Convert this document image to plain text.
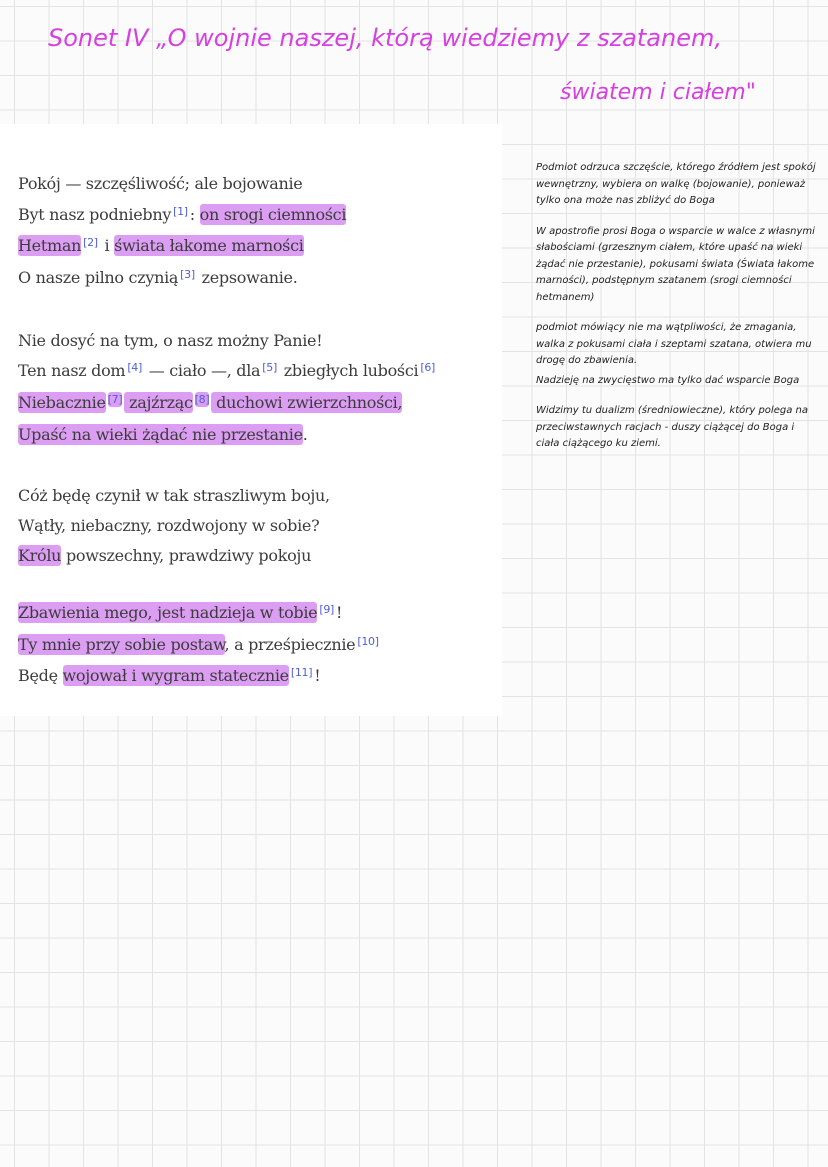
Sonet IV „O wojnie naszej, którą wiedziemy z szatanem,
światem i ciałem"
Pokój — szczęśliwość; ale bojowanie
Byt nasz podniebny [1] : on srogi ciemności
Hetman [2] i świata łakome marności
O nasze pilno czynią [3] zepsowanie.
Nie dosyć na tym, o nasz możny Panie!
Ten nasz dom [4] — ciało —, dla [5] zbiegłych lubości [6]
Niebacznie [7] zajźrząc [8] duchowi zwierzchności,
Upaść na wieki żądać nie przestanie.
Cóż będę czynił w tak straszliwym boju,
Wątły, niebaczny, rozdwojony w sobie?
Królu powszechny, prawdziwy pokoju
Zbawienia mego, jest nadzieja w tobie [9] !
Ty mnie przy sobie postaw, a prześpiecznie [10]
Będę wojował i wygram statecznie [11] !

Podmiot odrzuca szczęście, którego źródłem jest spokój wewnętrzny, wybiera on walkę (bojowanie), ponieważ tylko ona może nas zbliżyć do Boga

W apostrofie prosi Boga o wsparcie w walce z własnymi słabościami (grzesznym ciałem, które upaść na wieki żądać nie przestanie), pokusami świata (Świata łakome marności), podstępnym szatanem (srogi ciemności hetmanem)

podmiot mówiący nie ma wątpliwości, że zmagania, walka z pokusami ciała i szeptami szatana, otwiera mu drogę do zbawienia.

Nadzieję na zwycięstwo ma tylko dać wsparcie Boga

Widzimy tu dualizm (średniowieczne), który polega na przeciwstawnych racjach - duszy ciążącej do Boga i ciała ciążącego ku ziemi.
